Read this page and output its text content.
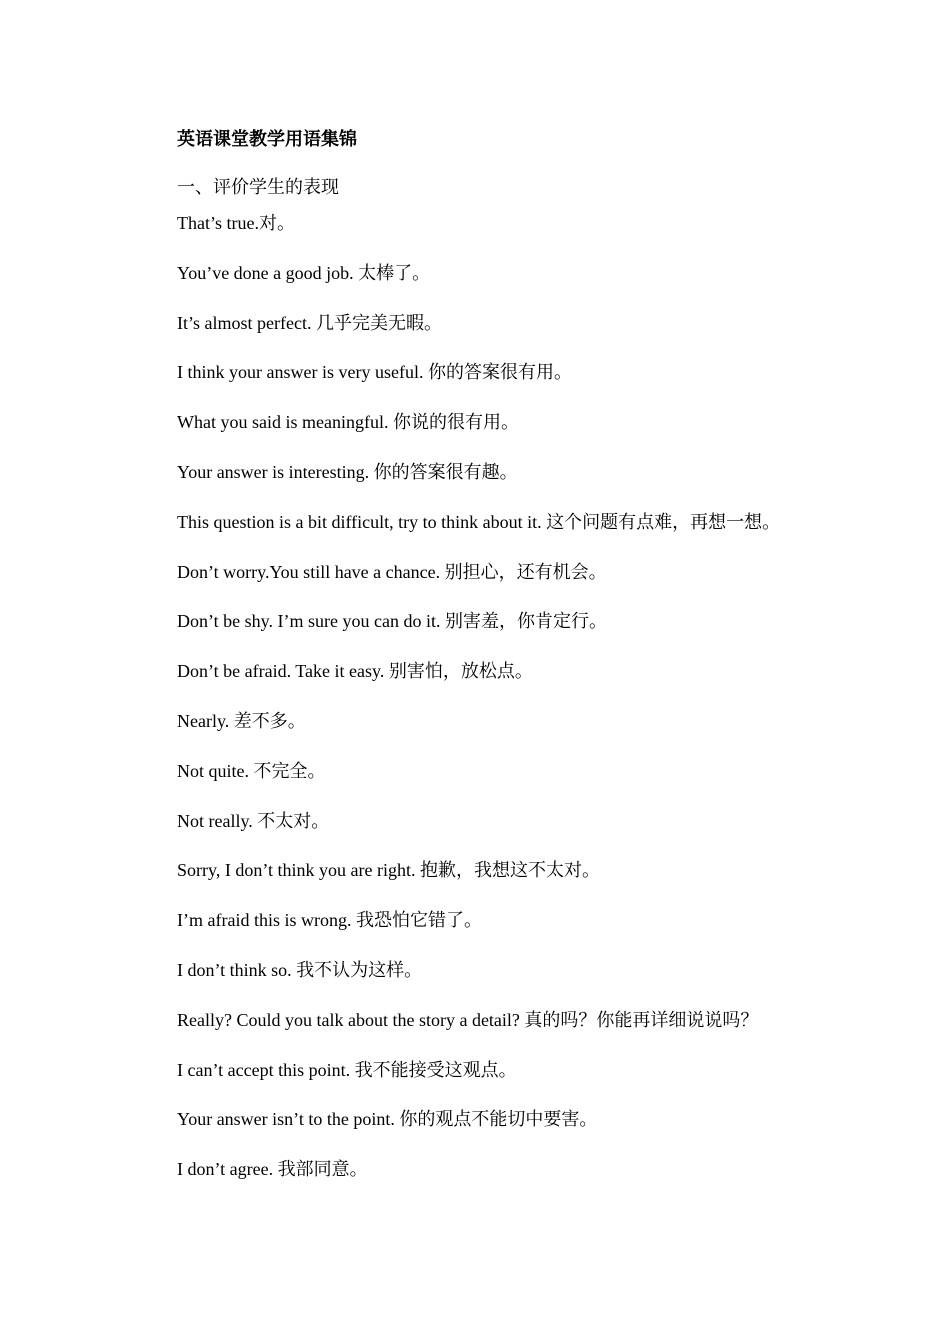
英语课堂教学用语集锦
一、评价学生的表现
That’s true.对。
You’ve done a good job. 太棒了。
It’s almost perfect. 几乎完美无暇。
I think your answer is very useful. 你的答案很有用。
What you said is meaningful. 你说的很有用。
Your answer is interesting. 你的答案很有趣。
This question is a bit difficult, try to think about it. 这个问题有点难，再想一想。
Don’t worry.You still have a chance. 别担心，还有机会。
Don’t be shy. I’m sure you can do it. 别害羞，你肯定行。
Don’t be afraid. Take it easy. 别害怕，放松点。
Nearly. 差不多。
Not quite. 不完全。
Not really. 不太对。
Sorry, I don’t think you are right. 抱歉，我想这不太对。
I’m afraid this is wrong. 我恐怕它错了。
I don’t think so. 我不认为这样。
Really? Could you talk about the story a detail? 真的吗？你能再详细说说吗？
I can’t accept this point. 我不能接受这观点。
Your answer isn’t to the point. 你的观点不能切中要害。
I don’t agree. 我部同意。
